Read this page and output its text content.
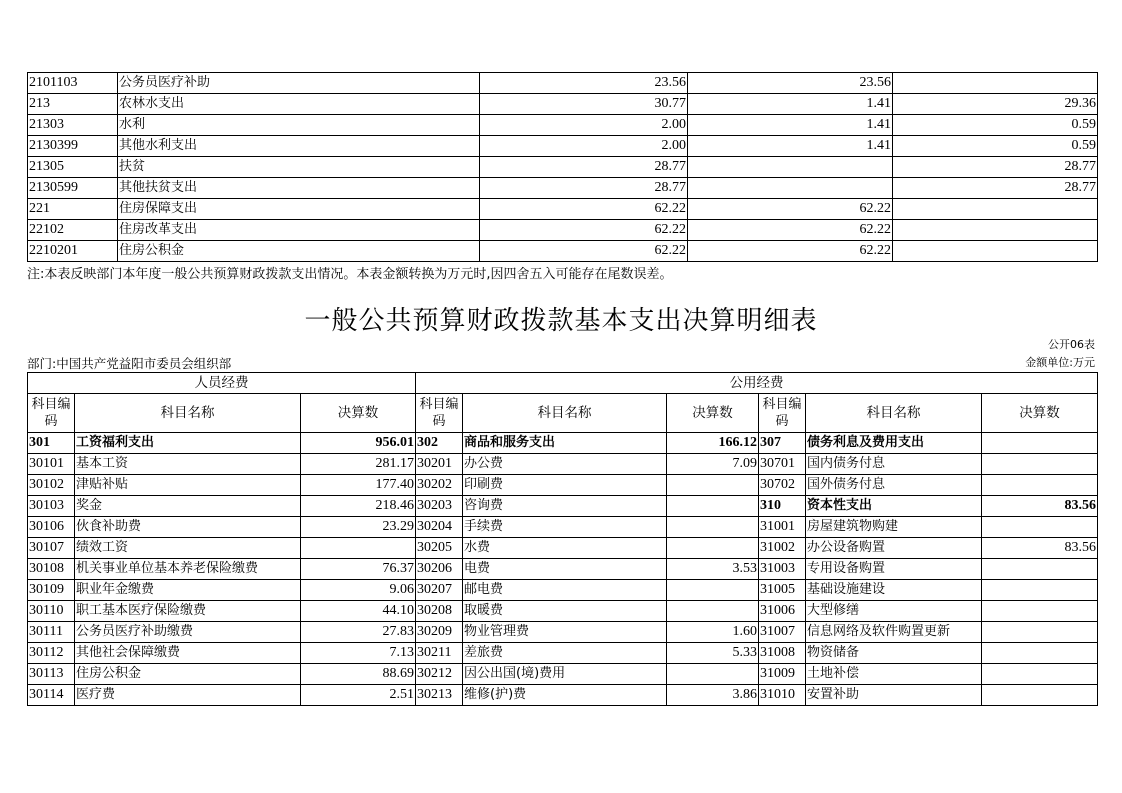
2101103	公务员医疗补助	23.56	23.56	
213	农林水支出	30.77	1.41	29.36
21303	水利	2.00	1.41	0.59
2130399	其他水利支出	2.00	1.41	0.59
21305	扶贫	28.77		28.77
2130599	其他扶贫支出	28.77		28.77
221	住房保障支出	62.22	62.22	
22102	住房改革支出	62.22	62.22	
2210201	住房公积金	62.22	62.22	
注:本表反映部门本年度一般公共预算财政拨款支出情况。本表金额转换为万元时,因四舍五入可能存在尾数误差。
一般公共预算财政拨款基本支出决算明细表
公开06表
部门:中国共产党益阳市委员会组织部	金额单位:万元
人员经费			公用经费					
科目编码	科目名称	决算数	科目编码	科目名称	决算数	科目编码	科目名称	决算数
301	工资福利支出	956.01	302	商品和服务支出	166.12	307	债务利息及费用支出	
30101	基本工资	281.17	30201	办公费	7.09	30701	国内债务付息	
30102	津贴补贴	177.40	30202	印刷费		30702	国外债务付息	
30103	奖金	218.46	30203	咨询费		310	资本性支出	83.56
30106	伙食补助费	23.29	30204	手续费		31001	房屋建筑物购建	
30107	绩效工资		30205	水费		31002	办公设备购置	83.56
30108	机关事业单位基本养老保险缴费	76.37	30206	电费	3.53	31003	专用设备购置	
30109	职业年金缴费	9.06	30207	邮电费		31005	基础设施建设	
30110	职工基本医疗保险缴费	44.10	30208	取暖费		31006	大型修缮	
30111	公务员医疗补助缴费	27.83	30209	物业管理费	1.60	31007	信息网络及软件购置更新	
30112	其他社会保障缴费	7.13	30211	差旅费	5.33	31008	物资储备	
30113	住房公积金	88.69	30212	因公出国(境)费用		31009	土地补偿	
30114	医疗费	2.51	30213	维修(护)费	3.86	31010	安置补助	
